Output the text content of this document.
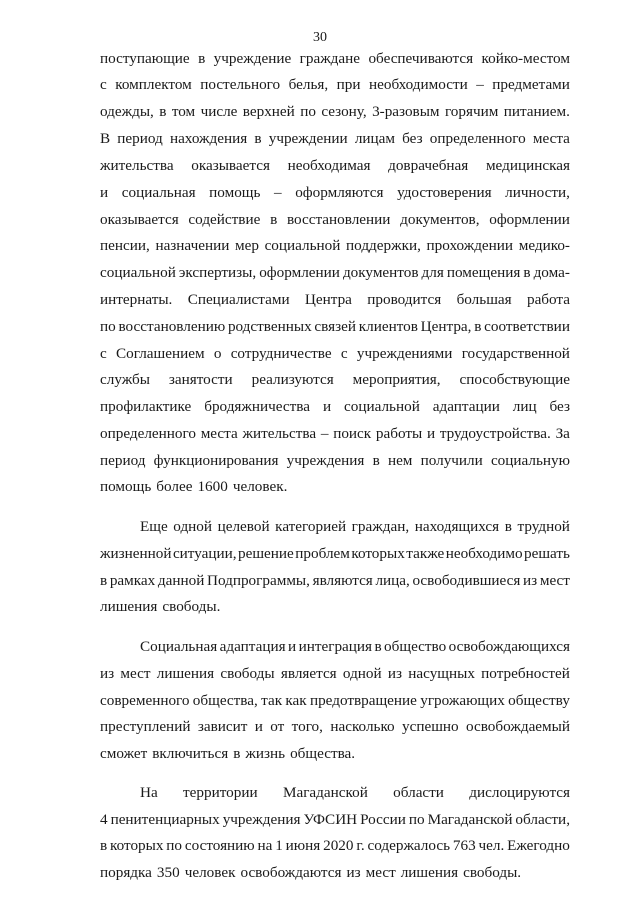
30
поступающие в учреждение граждане обеспечиваются койко-местом
с комплектом постельного белья, при необходимости – предметами
одежды, в том числе верхней по сезону, 3-разовым горячим питанием.
В период нахождения в учреждении лицам без определенного места
жительства оказывается необходимая доврачебная медицинская
и социальная помощь – оформляются удостоверения личности,
оказывается содействие в восстановлении документов, оформлении
пенсии, назначении мер социальной поддержки, прохождении медико-
социальной экспертизы, оформлении документов для помещения в дома-
интернаты. Специалистами Центра проводится большая работа
по восстановлению родственных связей клиентов Центра, в соответствии
с Соглашением о сотрудничестве с учреждениями государственной
службы занятости реализуются мероприятия, способствующие
профилактике бродяжничества и социальной адаптации лиц без
определенного места жительства – поиск работы и трудоустройства. За
период функционирования учреждения в нем получили социальную
помощь более 1600 человек.
Еще одной целевой категорией граждан, находящихся в трудной
жизненной ситуации, решение проблем которых также необходимо решать
в рамках данной Подпрограммы, являются лица, освободившиеся из мест
лишения свободы.
Социальная адаптация и интеграция в общество освобождающихся
из мест лишения свободы является одной из насущных потребностей
современного общества, так как предотвращение угрожающих обществу
преступлений зависит и от того, насколько успешно освобождаемый
сможет включиться в жизнь общества.
На территории Магаданской области дислоцируются
4 пенитенциарных учреждения УФСИН России по Магаданской области,
в которых по состоянию на 1 июня 2020 г. содержалось 763 чел. Ежегодно
порядка 350 человек освобождаются из мест лишения свободы.
